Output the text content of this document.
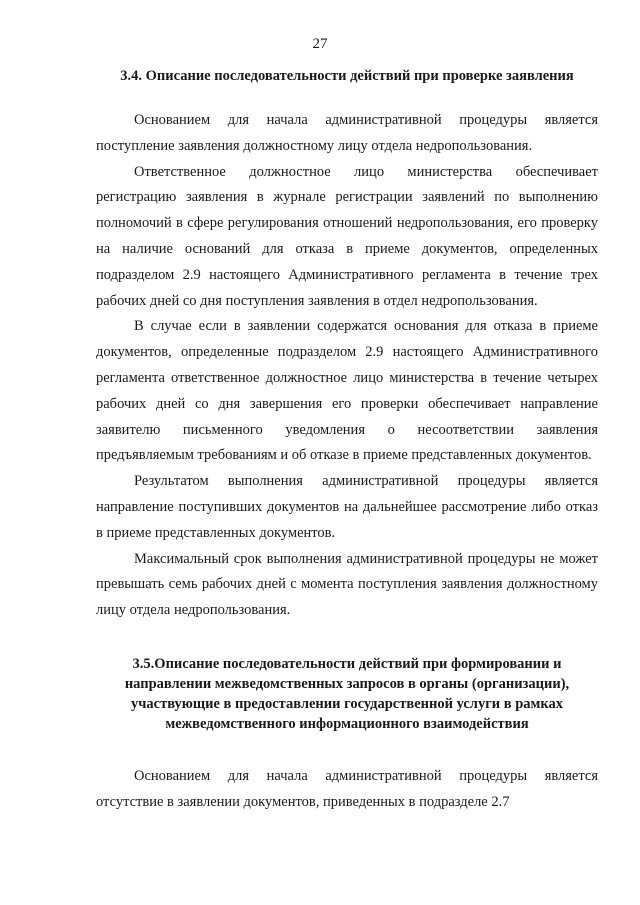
27
3.4. Описание последовательности действий при проверке заявления

Основанием для начала административной процедуры является поступление заявления должностному лицу отдела недропользования.

Ответственное должностное лицо министерства обеспечивает регистрацию заявления в журнале регистрации заявлений по выполнению полномочий в сфере регулирования отношений недропользования, его проверку на наличие оснований для отказа в приеме документов, определенных подразделом 2.9 настоящего Административного регламента в течение трех рабочих дней со дня поступления заявления в отдел недропользования.

В случае если в заявлении содержатся основания для отказа в приеме документов, определенные подразделом 2.9 настоящего Административного регламента ответственное должностное лицо министерства в течение четырех рабочих дней со дня завершения его проверки обеспечивает направление заявителю письменного уведомления о несоответствии заявления предъявляемым требованиям и об отказе в приеме представленных документов.

Результатом выполнения административной процедуры является направление поступивших документов на дальнейшее рассмотрение либо отказ в приеме представленных документов.

Максимальный срок выполнения административной процедуры не может превышать семь рабочих дней с момента поступления заявления должностному лицу отдела недропользования.

3.5.Описание последовательности действий при формировании и направлении межведомственных запросов в органы (организации), участвующие в предоставлении государственной услуги в рамках межведомственного информационного взаимодействия

Основанием для начала административной процедуры является отсутствие в заявлении документов, приведенных в подразделе 2.7
